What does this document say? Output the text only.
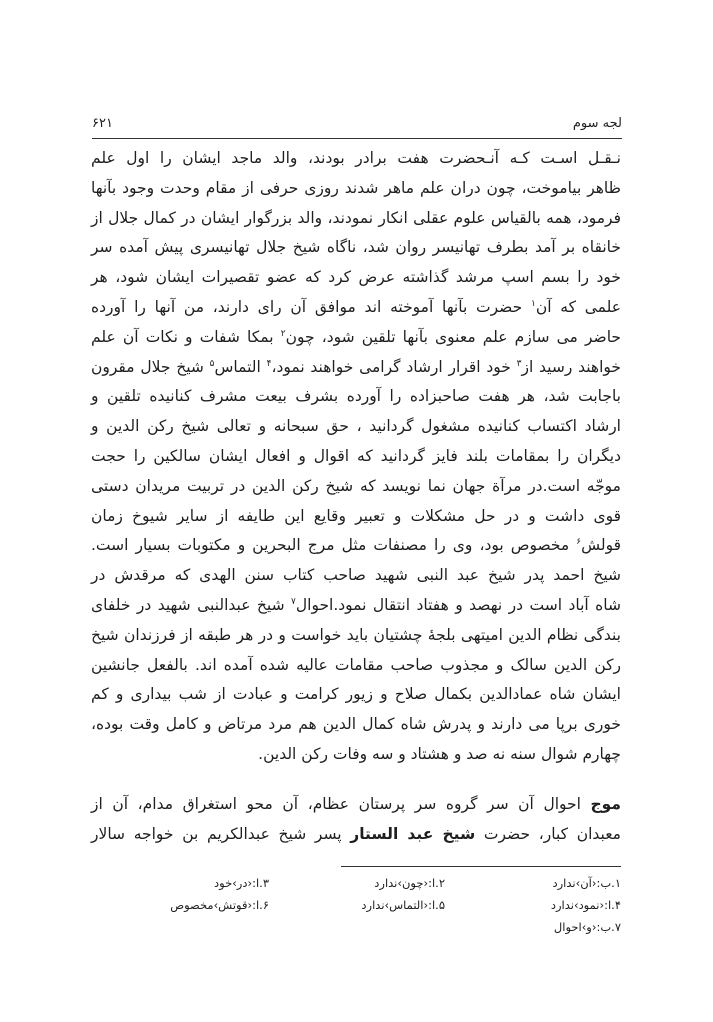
۶۲۱	لجه سوم

نـقـل اسـت کـه آنـحضرت هفت برادر بودند، والد ماجد ایشان را اول علم

ظاهر بیاموخت، چون دران علم ماهر شدند روزی حرفی از مقام وحدت وجود بآنها

فرمود، همه بالقیاس علوم عقلی انکار نمودند، والد بزرگوار ایشان در کمال جلال از

خانقاه بر آمد بطرف تهانیسر روان شد، ناگاه شیخ جلال تهانیسری پیش آمده سر

خود را بسم اسپ مرشد گذاشته عرض کرد که عضو تقصیرات ایشان شود، هر

علمی که آن$^۱$ حضرت بآنها آموخته اند موافق آن رای دارند، من آنها را آورده

حاضر می سازم علم معنوی بآنها تلقین شود، چون$^۲$ بمکا شفات و نکات آن علم

خواهند رسید از$^۳$ خود اقرار ارشاد گرامی خواهند نمود،$^۴$ التماس$^۵$ شیخ جلال مقرون

باجابت شد، هر هفت صاحبزاده را آورده بشرف بیعت مشرف کنانیده تلقین و

ارشاد اکتساب کنانیده مشغول گردانید ، حق سبحانه و تعالی شیخ رکن الدین و

دیگران را بمقامات بلند فایز گردانید که اقوال و افعال ایشان سالکین را حجت

موجّه است.در مرآة جهان نما نویسد که شیخ رکن الدین در تربیت مریدان دستی

قوی داشت و در حل مشکلات و تعبیر وقایع این طایفه از سایر شیوخ زمان

قولش$^۶$ مخصوص بود، وی را مصنفات مثل مرج البحرین و مکتوبات بسیار است.

شیخ احمد پدر شیخ عبد النبی شهید صاحب کتاب سنن الهدی که مرقدش در

شاه آباد است در نهصد و هفتاد انتقال نمود.احوال$^۷$ شیخ عبدالنبی شهید در خلفای

بندگی نظام الدین امیتهی بلجهٔ چشتیان باید خواست و در هر طبقه از فرزندان شیخ

رکن الدین سالک و مجذوب صاحب مقامات عالیه شده آمده اند. بالفعل جانشین

ایشان شاه عمادالدین بکمال صلاح و زیور کرامت و عبادت از شب بیداری و کم

خوری برپا می دارند و پدرش شاه کمال الدین هم مرد مرتاض و کامل وقت بوده،

چهارم شوال سنه نه صد و هشتاد و سه وفات رکن الدین.

موج احوال آن سر گروه سر پرستان عظام، آن محو استغراق مدام، آن از

معبدان کبار، حضرت شیخ عبد الستار پسر شیخ عبدالکریم بن خواجه سالار

۱.ب:‹آن›ندارد
۲.ا:‹چون›ندارد
۳.ا:‹در›خود
۴.ا:‹نمود›ندارد
۵.ا:‹التماس›ندارد
۶.ا:‹قوتش›مخصوص
۷.ب:‹و›احوال
